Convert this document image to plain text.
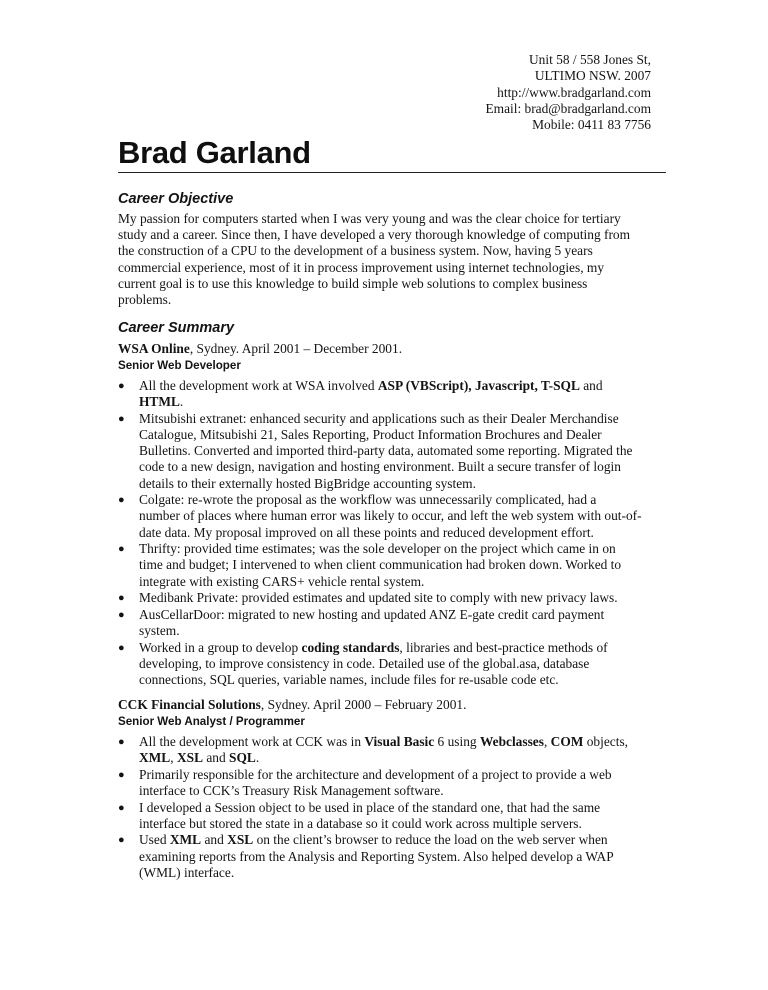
Unit 58 / 558 Jones St,
ULTIMO NSW. 2007
http://www.bradgarland.com
Email: brad@bradgarland.com
Mobile: 0411 83 7756
Brad Garland
Career Objective

My passion for computers started when I was very young and was the clear choice for tertiary
study and a career. Since then, I have developed a very thorough knowledge of computing from
the construction of a CPU to the development of a business system. Now, having 5 years
commercial experience, most of it in process improvement using internet technologies, my
current goal is to use this knowledge to build simple web solutions to complex business
problems.

Career Summary
WSA Online, Sydney. April 2001 – December 2001.
Senior Web Developer
● All the development work at WSA involved ASP (VBScript), Javascript, T-SQL and
HTML.
● Mitsubishi extranet: enhanced security and applications such as their Dealer Merchandise
Catalogue, Mitsubishi 21, Sales Reporting, Product Information Brochures and Dealer
Bulletins. Converted and imported third-party data, automated some reporting. Migrated the
code to a new design, navigation and hosting environment. Built a secure transfer of login
details to their externally hosted BigBridge accounting system.
● Colgate: re-wrote the proposal as the workflow was unnecessarily complicated, had a
number of places where human error was likely to occur, and left the web system with out-of-
date data. My proposal improved on all these points and reduced development effort.
● Thrifty: provided time estimates; was the sole developer on the project which came in on
time and budget; I intervened to when client communication had broken down. Worked to
integrate with existing CARS+ vehicle rental system.
● Medibank Private: provided estimates and updated site to comply with new privacy laws.
● AusCellarDoor: migrated to new hosting and updated ANZ E-gate credit card payment
system.
● Worked in a group to develop coding standards, libraries and best-practice methods of
developing, to improve consistency in code. Detailed use of the global.asa, database
connections, SQL queries, variable names, include files for re-usable code etc.
CCK Financial Solutions, Sydney. April 2000 – February 2001.
Senior Web Analyst / Programmer
● All the development work at CCK was in Visual Basic 6 using Webclasses, COM objects,
XML, XSL and SQL.
● Primarily responsible for the architecture and development of a project to provide a web
interface to CCK’s Treasury Risk Management software.
● I developed a Session object to be used in place of the standard one, that had the same
interface but stored the state in a database so it could work across multiple servers.
● Used XML and XSL on the client’s browser to reduce the load on the web server when
examining reports from the Analysis and Reporting System. Also helped develop a WAP
(WML) interface.
